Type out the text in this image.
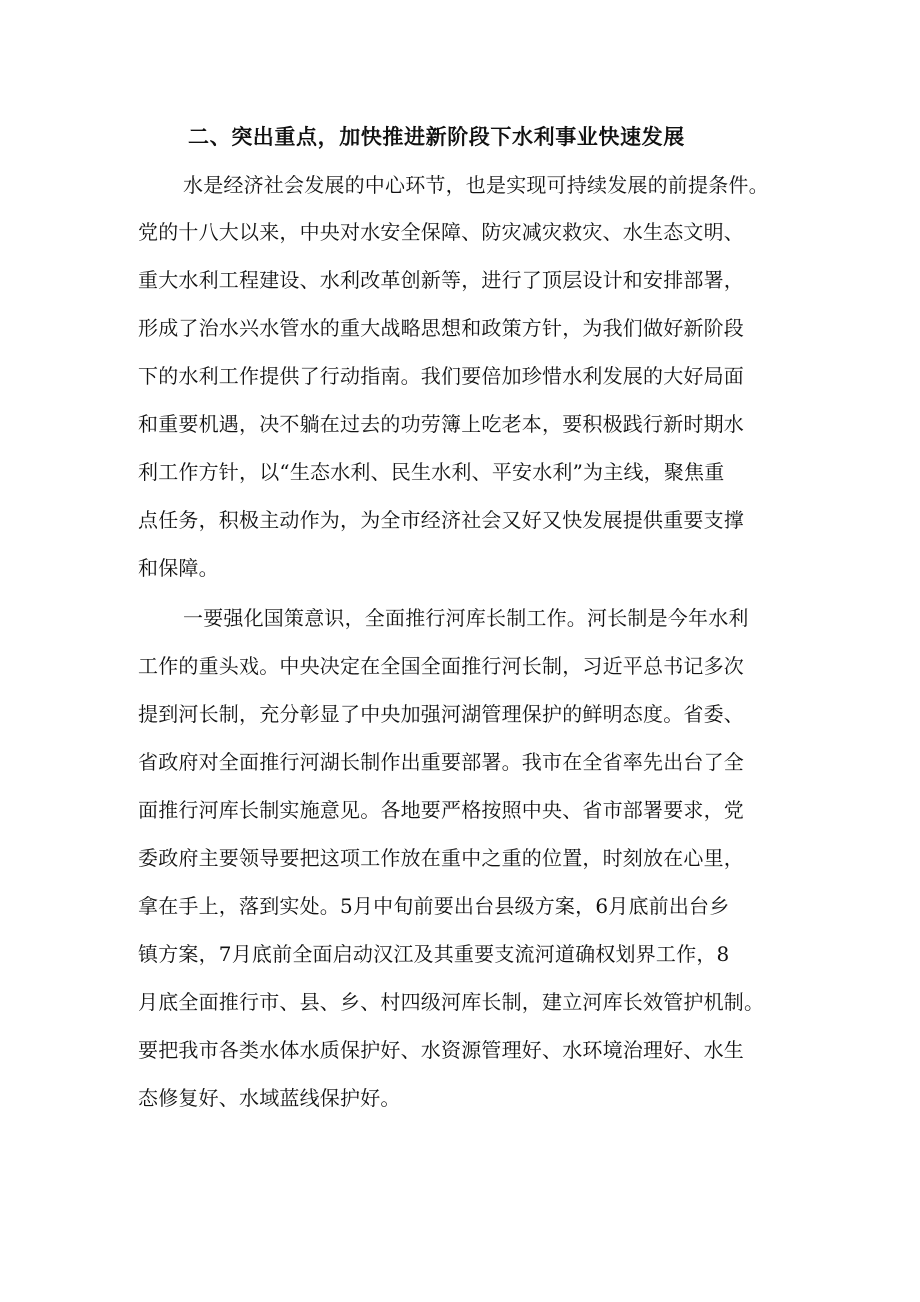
二、突出重点，加快推进新阶段下水利事业快速发展

水是经济社会发展的中心环节，也是实现可持续发展的前提条件。

党的十八大以来，中央对水安全保障、防灾减灾救灾、水生态文明、

重大水利工程建设、水利改革创新等，进行了顶层设计和安排部署，

形成了治水兴水管水的重大战略思想和政策方针，为我们做好新阶段

下的水利工作提供了行动指南。我们要倍加珍惜水利发展的大好局面

和重要机遇，决不躺在过去的功劳簿上吃老本，要积极践行新时期水

利工作方针，以“生态水利、民生水利、平安水利”为主线，聚焦重

点任务，积极主动作为，为全市经济社会又好又快发展提供重要支撑

和保障。

一要强化国策意识，全面推行河库长制工作。河长制是今年水利

工作的重头戏。中央决定在全国全面推行河长制，习近平总书记多次

提到河长制，充分彰显了中央加强河湖管理保护的鲜明态度。省委、

省政府对全面推行河湖长制作出重要部署。我市在全省率先出台了全

面推行河库长制实施意见。各地要严格按照中央、省市部署要求，党

委政府主要领导要把这项工作放在重中之重的位置，时刻放在心里，

拿在手上，落到实处。5月中旬前要出台县级方案，6月底前出台乡

镇方案，7月底前全面启动汉江及其重要支流河道确权划界工作，8

月底全面推行市、县、乡、村四级河库长制，建立河库长效管护机制。

要把我市各类水体水质保护好、水资源管理好、水环境治理好、水生

态修复好、水域蓝线保护好。
